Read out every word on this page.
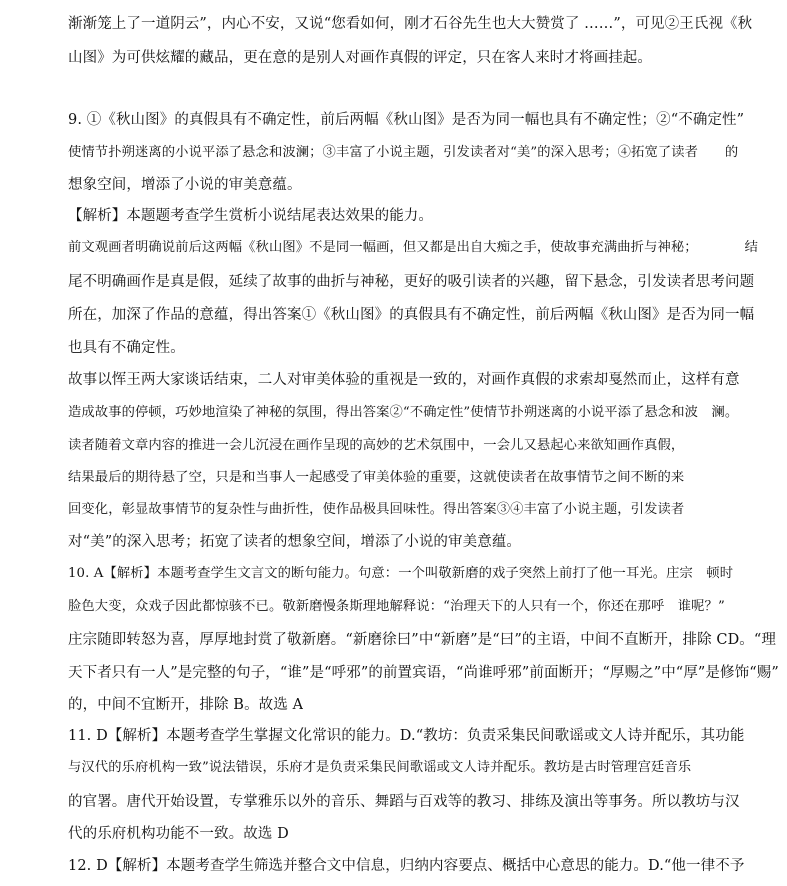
渐渐笼上了一道阴云”，内心不安，又说“您看如何，刚才石谷先生也大大赞赏了 ……”，可见②王氏视《秋
山图》为可供炫耀的藏品，更在意的是别人对画作真假的评定，只在客人来时才将画挂起。
9. ①《秋山图》的真假具有不确定性，前后两幅《秋山图》是否为同一幅也具有不确定性；②“不确定性”
使情节扑朔迷离的小说平添了悬念和波澜；③丰富了小说主题，引发读者对“美”的深入思考；④拓宽了读者　　的
想象空间，增添了小说的审美意蕴。
【解析】本题题考查学生赏析小说结尾表达效果的能力。
前文观画者明确说前后这两幅《秋山图》不是同一幅画，但又都是出自大痴之手，使故事充满曲折与神秘；　　　　结
尾不明确画作是真是假，延续了故事的曲折与神秘，更好的吸引读者的兴趣，留下悬念，引发读者思考问题
所在，加深了作品的意蕴，得出答案①《秋山图》的真假具有不确定性，前后两幅《秋山图》是否为同一幅
也具有不确定性。
故事以恽王两大家谈话结束，二人对审美体验的重视是一致的，对画作真假的求索却戛然而止，这样有意
造成故事的停顿，巧妙地渲染了神秘的氛围，得出答案②“不确定性”使情节扑朔迷离的小说平添了悬念和波　澜。
读者随着文章内容的推进一会儿沉浸在画作呈现的高妙的艺术氛围中，一会儿又悬起心来欲知画作真假，
结果最后的期待悬了空，只是和当事人一起感受了审美体验的重要，这就使读者在故事情节之间不断的来
回变化，彰显故事情节的复杂性与曲折性，使作品极具回味性。得出答案③④丰富了小说主题，引发读者
对“美”的深入思考；拓宽了读者的想象空间，增添了小说的审美意蕴。
10. A【解析】本题考查学生文言文的断句能力。句意：一个叫敬新磨的戏子突然上前打了他一耳光。庄宗　顿时
脸色大变，众戏子因此都惊骇不已。敬新磨慢条斯理地解释说：“治理天下的人只有一个，你还在那呼　谁呢？”
庄宗随即转怒为喜，厚厚地封赏了敬新磨。“新磨徐曰”中“新磨”是“曰”的主语，中间不直断开，排除 CD。“理
天下者只有一人”是完整的句子，“谁”是“呼邪”的前置宾语，“尚谁呼邪”前面断开；“厚赐之”中“厚”是修饰“赐”
的，中间不宜断开，排除 B。故选 A
11. D【解析】本题考查学生掌握文化常识的能力。D.“教坊：负责采集民间歌谣或文人诗并配乐，其功能
与汉代的乐府机构一致”说法错误，乐府才是负责采集民间歌谣或文人诗并配乐。教坊是古时管理宫廷音乐
的官署。唐代开始设置，专掌雅乐以外的音乐、舞蹈与百戏等的教习、排练及演出等事务。所以教坊与汉
代的乐府机构功能不一致。故选 D
12. D【解析】本题考查学生筛选并整合文中信息，归纳内容要点、概括中心意思的能力。D.“他一律不予
